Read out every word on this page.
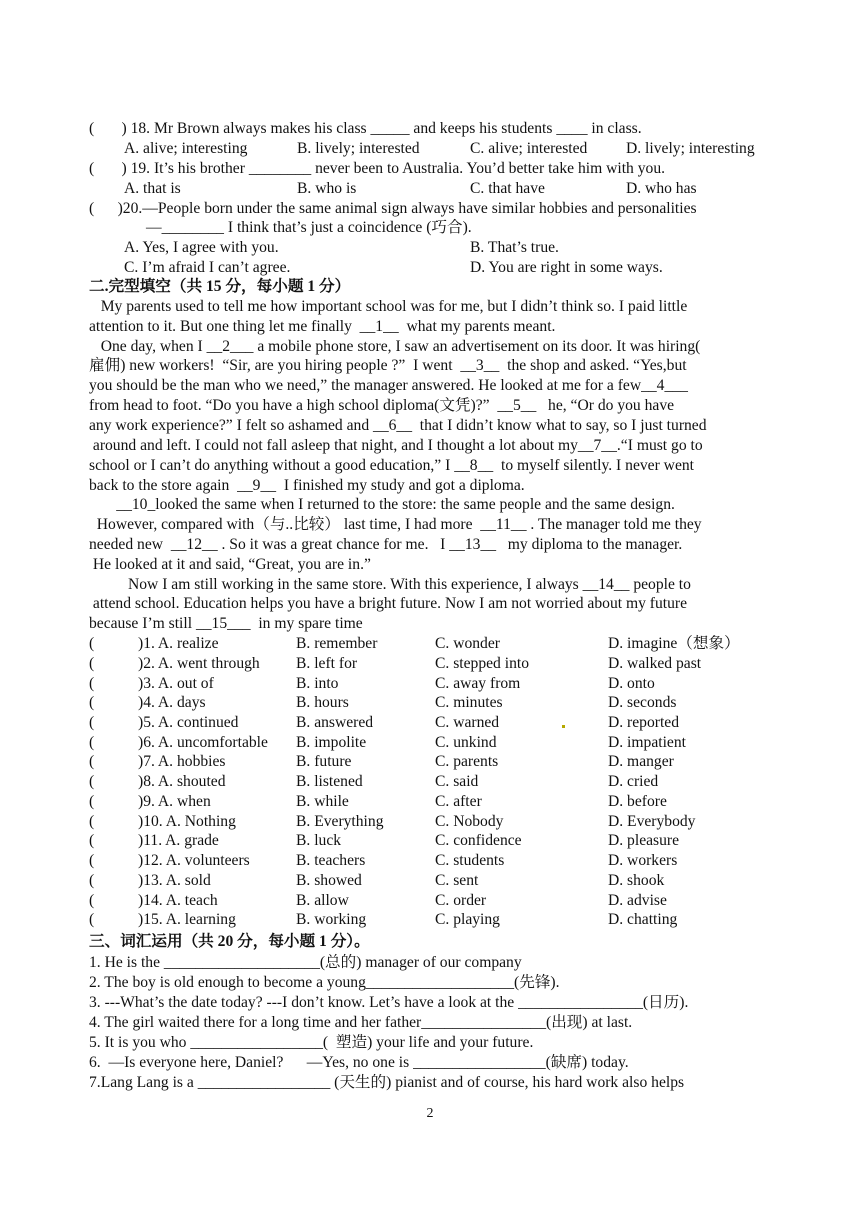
(       ) 18. Mr Brown always makes his class _____ and keeps his students ____ in class.
A. alive; interesting	B. lively; interested	C. alive; interested D. lively; interesting
(       ) 19. It’s his brother ________ never been to Australia. You’d better take him with you.
A. that is	B. who is	C. that have	D. who has
(      )20.—People born under the same animal sign always have similar hobbies and personalities
—________ I think that’s just a coincidence (巧合).
A. Yes, I agree with you.	B. That’s true.
C. I’m afraid I can’t agree.	D. You are right in some ways.
二.完型填空（共 15 分，每小题 1 分）
My parents used to tell me how important school was for me, but I didn’t think so. I paid little
attention to it. But one thing let me finally  __1__  what my parents meant.
One day, when I __2___ a mobile phone store, I saw an advertisement on its door. It was hiring(
雇佣) new workers!  “Sir, are you hiring people ?”  I went  __3__  the shop and asked. “Yes,but
you should be the man who we need,” the manager answered. He looked at me for a few__4___
from head to foot. “Do you have a high school diploma(文凭)?”  __5__   he, “Or do you have
any work experience?” I felt so ashamed and __6__  that I didn’t know what to say, so I just turned
around and left. I could not fall asleep that night, and I thought a lot about my__7__.“I must go to
school or I can’t do anything without a good education,” I __8__  to myself silently. I never went
back to the store again  __9__  I finished my study and got a diploma.
__10_looked the same when I returned to the store: the same people and the same design.
However, compared with（与..比较） last time, I had more  __11__ . The manager told me they
needed new  __12__ . So it was a great chance for me.   I __13__   my diploma to the manager.
He looked at it and said, “Great, you are in.”
Now I am still working in the same store. With this experience, I always __14__ people to
attend school. Education helps you have a bright future. Now I am not worried about my future
because I’m still __15___  in my spare time
(	)1. A. realize	B. remember	C. wonder	D. imagine（想象）
(	)2. A. went through B. left for	C. stepped into	D. walked past
(	)3. A. out of	B. into	C. away from	D. onto
(	)4. A. days	B. hours	C. minutes	D. seconds
(	)5. A. continued	B. answered	C. warned	D. reported
(	)6. A. uncomfortable B. impolite	C. unkind	D. impatient
(	)7. A. hobbies	B. future	C. parents	D. manger
(	)8. A. shouted	B. listened	C. said	D. cried
(	)9. A. when	B. while	C. after	D. before
(	)10. A. Nothing	B. Everything	C. Nobody	D. Everybody
(	)11. A. grade	B. luck	C. confidence	D. pleasure
(	)12. A. volunteers	B. teachers	C. students	D. workers
(	)13. A. sold	B. showed	C. sent	D. shook
(	)14. A. teach	B. allow	C. order	D. advise
(	)15. A. learning	B. working	C. playing	D. chatting
三、词汇运用（共 20 分，每小题 1 分）。
1. He is the ____________________(总的) manager of our company
2. The boy is old enough to become a young___________________(先锋).
3. ---What’s the date today? ---I don’t know. Let’s have a look at the ________________(日历).
4. The girl waited there for a long time and her father________________(出现) at last.
5. It is you who _________________(  塑造) your life and your future.
6.  —Is everyone here, Daniel?      —Yes, no one is _________________(缺席) today.
7.Lang Lang is a _________________ (天生的) pianist and of course, his hard work also helps
2
